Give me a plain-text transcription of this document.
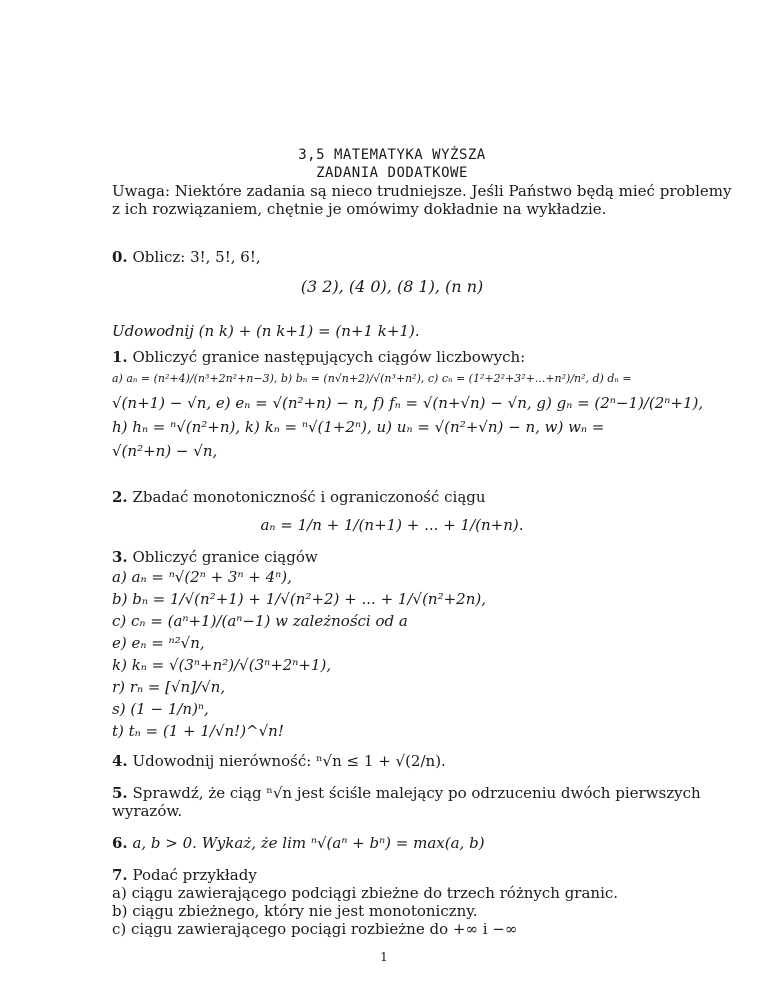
3,5 MATEMATYKA WYŻSZA
ZADANIA DODATKOWE
Uwaga: Niektóre zadania są nieco trudniejsze. Jeśli Państwo będą mieć problemy
z ich rozwiązaniem, chętnie je omówimy dokładnie na wykładzie.
0. Oblicz: 3!, 5!, 6!,
(3 2), (4 0), (8 1), (n n)
Udowodnij (n k) + (n k+1) = (n+1 k+1).
1. Obliczyć granice następujących ciągów liczbowych:
a) aₙ = (n²+4)/(n³+2n²+n−3), b) bₙ = (n√n+2)/√(n³+n²), c) cₙ = (1²+2²+3²+...+n²)/n², d) dₙ =
√(n+1) − √n, e) eₙ = √(n²+n) − n, f) fₙ = √(n+√n) − √n, g) gₙ = (2ⁿ−1)/(2ⁿ+1),
h) hₙ = ⁿ√(n²+n), k) kₙ = ⁿ√(1+2ⁿ), u) uₙ = √(n²+√n) − n, w) wₙ =
√(n²+n) − √n,
2. Zbadać monotoniczność i ograniczoność ciągu
aₙ = 1/n + 1/(n+1) + ... + 1/(n+n).
3. Obliczyć granice ciągów
a) aₙ = ⁿ√(2ⁿ + 3ⁿ + 4ⁿ),
b) bₙ = 1/√(n²+1) + 1/√(n²+2) + ... + 1/√(n²+2n),
c) cₙ = (aⁿ+1)/(aⁿ−1) w zależności od a
e) eₙ = ⁿ²√n,
k) kₙ = √(3ⁿ+n²)/√(3ⁿ+2ⁿ+1),
r) rₙ = [√n]/√n,
s) (1 − 1/n)ⁿ,
t) tₙ = (1 + 1/√n!)^√n!
4. Udowodnij nierówność: ⁿ√n ≤ 1 + √(2/n).
5. Sprawdź, że ciąg ⁿ√n jest ściśle malejący po odrzuceniu dwóch pierwszych
wyrazów.
6. a, b > 0. Wykaż, że lim ⁿ√(aⁿ + bⁿ) = max(a, b)
7. Podać przykłady
a) ciągu zawierającego podciągi zbieżne do trzech różnych granic.
b) ciągu zbieżnego, który nie jest monotoniczny.
c) ciągu zawierającego pociągi rozbieżne do +∞ i −∞
1
